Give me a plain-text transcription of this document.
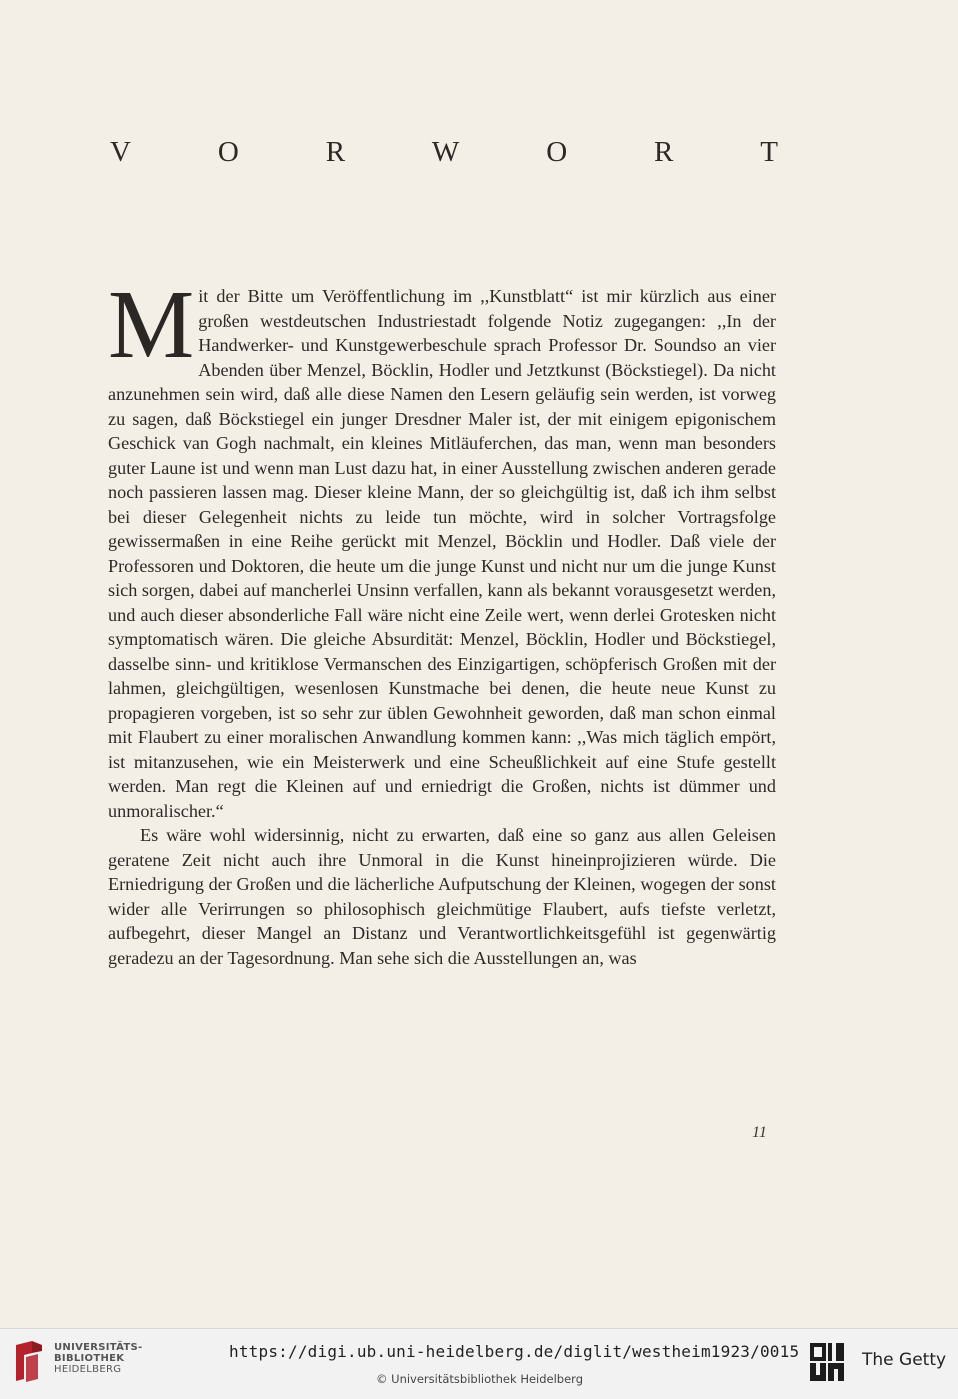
V	O	R	W	O	R	T

Mit der Bitte um Veröffentlichung im ,,Kunstblatt“ ist mir kürzlich aus einer großen westdeutschen Industriestadt folgende Notiz zugegangen: ,,In der Handwerker- und Kunstgewerbeschule sprach Professor Dr. Soundso an vier Abenden über Menzel, Böcklin, Hodler und Jetztkunst (Böckstiegel). Da nicht anzunehmen sein wird, daß alle diese Namen den Lesern geläufig sein werden, ist vorweg zu sagen, daß Böckstiegel ein junger Dresdner Maler ist, der mit einigem epigonischem Geschick van Gogh nachmalt, ein kleines Mitläuferchen, das man, wenn man besonders guter Laune ist und wenn man Lust dazu hat, in einer Ausstellung zwischen anderen gerade noch passieren lassen mag. Dieser kleine Mann, der so gleichgültig ist, daß ich ihm selbst bei dieser Gelegenheit nichts zu leide tun möchte, wird in solcher Vortragsfolge gewissermaßen in eine Reihe gerückt mit Menzel, Böcklin und Hodler. Daß viele der Professoren und Doktoren, die heute um die junge Kunst und nicht nur um die junge Kunst sich sorgen, dabei auf mancherlei Unsinn verfallen, kann als bekannt vorausgesetzt werden, und auch dieser absonderliche Fall wäre nicht eine Zeile wert, wenn derlei Grotesken nicht symptomatisch wären. Die gleiche Absurdität: Menzel, Böcklin, Hodler und Böckstiegel, dasselbe sinn- und kritiklose Vermanschen des Einzigartigen, schöpferisch Großen mit der lahmen, gleichgültigen, wesenlosen Kunstmache bei denen, die heute neue Kunst zu propagieren vorgeben, ist so sehr zur üblen Gewohnheit geworden, daß man schon einmal mit Flaubert zu einer moralischen Anwandlung kommen kann: ,,Was mich täglich empört, ist mitanzusehen, wie ein Meisterwerk und eine Scheußlichkeit auf eine Stufe gestellt werden. Man regt die Kleinen auf und erniedrigt die Großen, nichts ist dümmer und unmoralischer.“

Es wäre wohl widersinnig, nicht zu erwarten, daß eine so ganz aus allen Geleisen geratene Zeit nicht auch ihre Unmoral in die Kunst hineinprojizieren würde. Die Erniedrigung der Großen und die lächerliche Aufputschung der Kleinen, wogegen der sonst wider alle Verirrungen so philosophisch gleichmütige Flaubert, aufs tiefste verletzt, aufbegehrt, dieser Mangel an Distanz und Verantwortlichkeitsgefühl ist gegenwärtig geradezu an der Tagesordnung. Man sehe sich die Ausstellungen an, was

11
UNIVERSITÄTS-
BIBLIOTHEK
HEIDELBERG
https://digi.ub.uni-heidelberg.de/diglit/westheim1923/0015
© Universitätsbibliothek Heidelberg
The Getty
